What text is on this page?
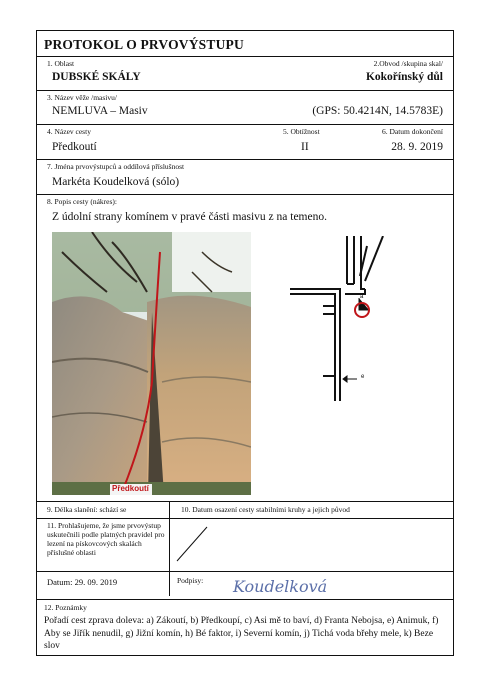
PROTOKOL O PRVOVÝSTUPU
1. Oblast	2.Obvod /skupina skal/
DUBSKÉ SKÁLY	Kokořínský důl
3. Název věže /masivu/
NEMLUVA – Masiv	(GPS: 50.4214N, 14.5783E)
4. Název cesty	5. Obtížnost	6. Datum dokončení
Předkoutí	II	28. 9. 2019
7. Jména prvovýstupců a oddílová příslušnost
Markéta Koudelková (sólo)
8. Popis cesty (nákres):
Z údolní strany komínem v pravé části masivu z na temeno.
Předkoutí
a
b
e
9. Délka slanění: schází se	10. Datum osazení cesty stabilními kruhy a jejich původ
11. Prohlašujeme, že jsme prvovýstup uskutečnili podle platných pravidel pro lezení na pískovcových skalách příslušné oblasti
Datum: 29. 09. 2019	Podpisy: Koudelková
12. Poznámky
Pořadí cest zprava doleva: a) Zákoutí, b) Předkoupí, c) Asi mě to baví, d) Franta Nebojsa, e) Animuk, f) Aby se Jiřík nenudil, g) Jižní komín, h) Bé faktor, i) Severní komín, j) Tichá voda břehy mele, k) Beze slov
